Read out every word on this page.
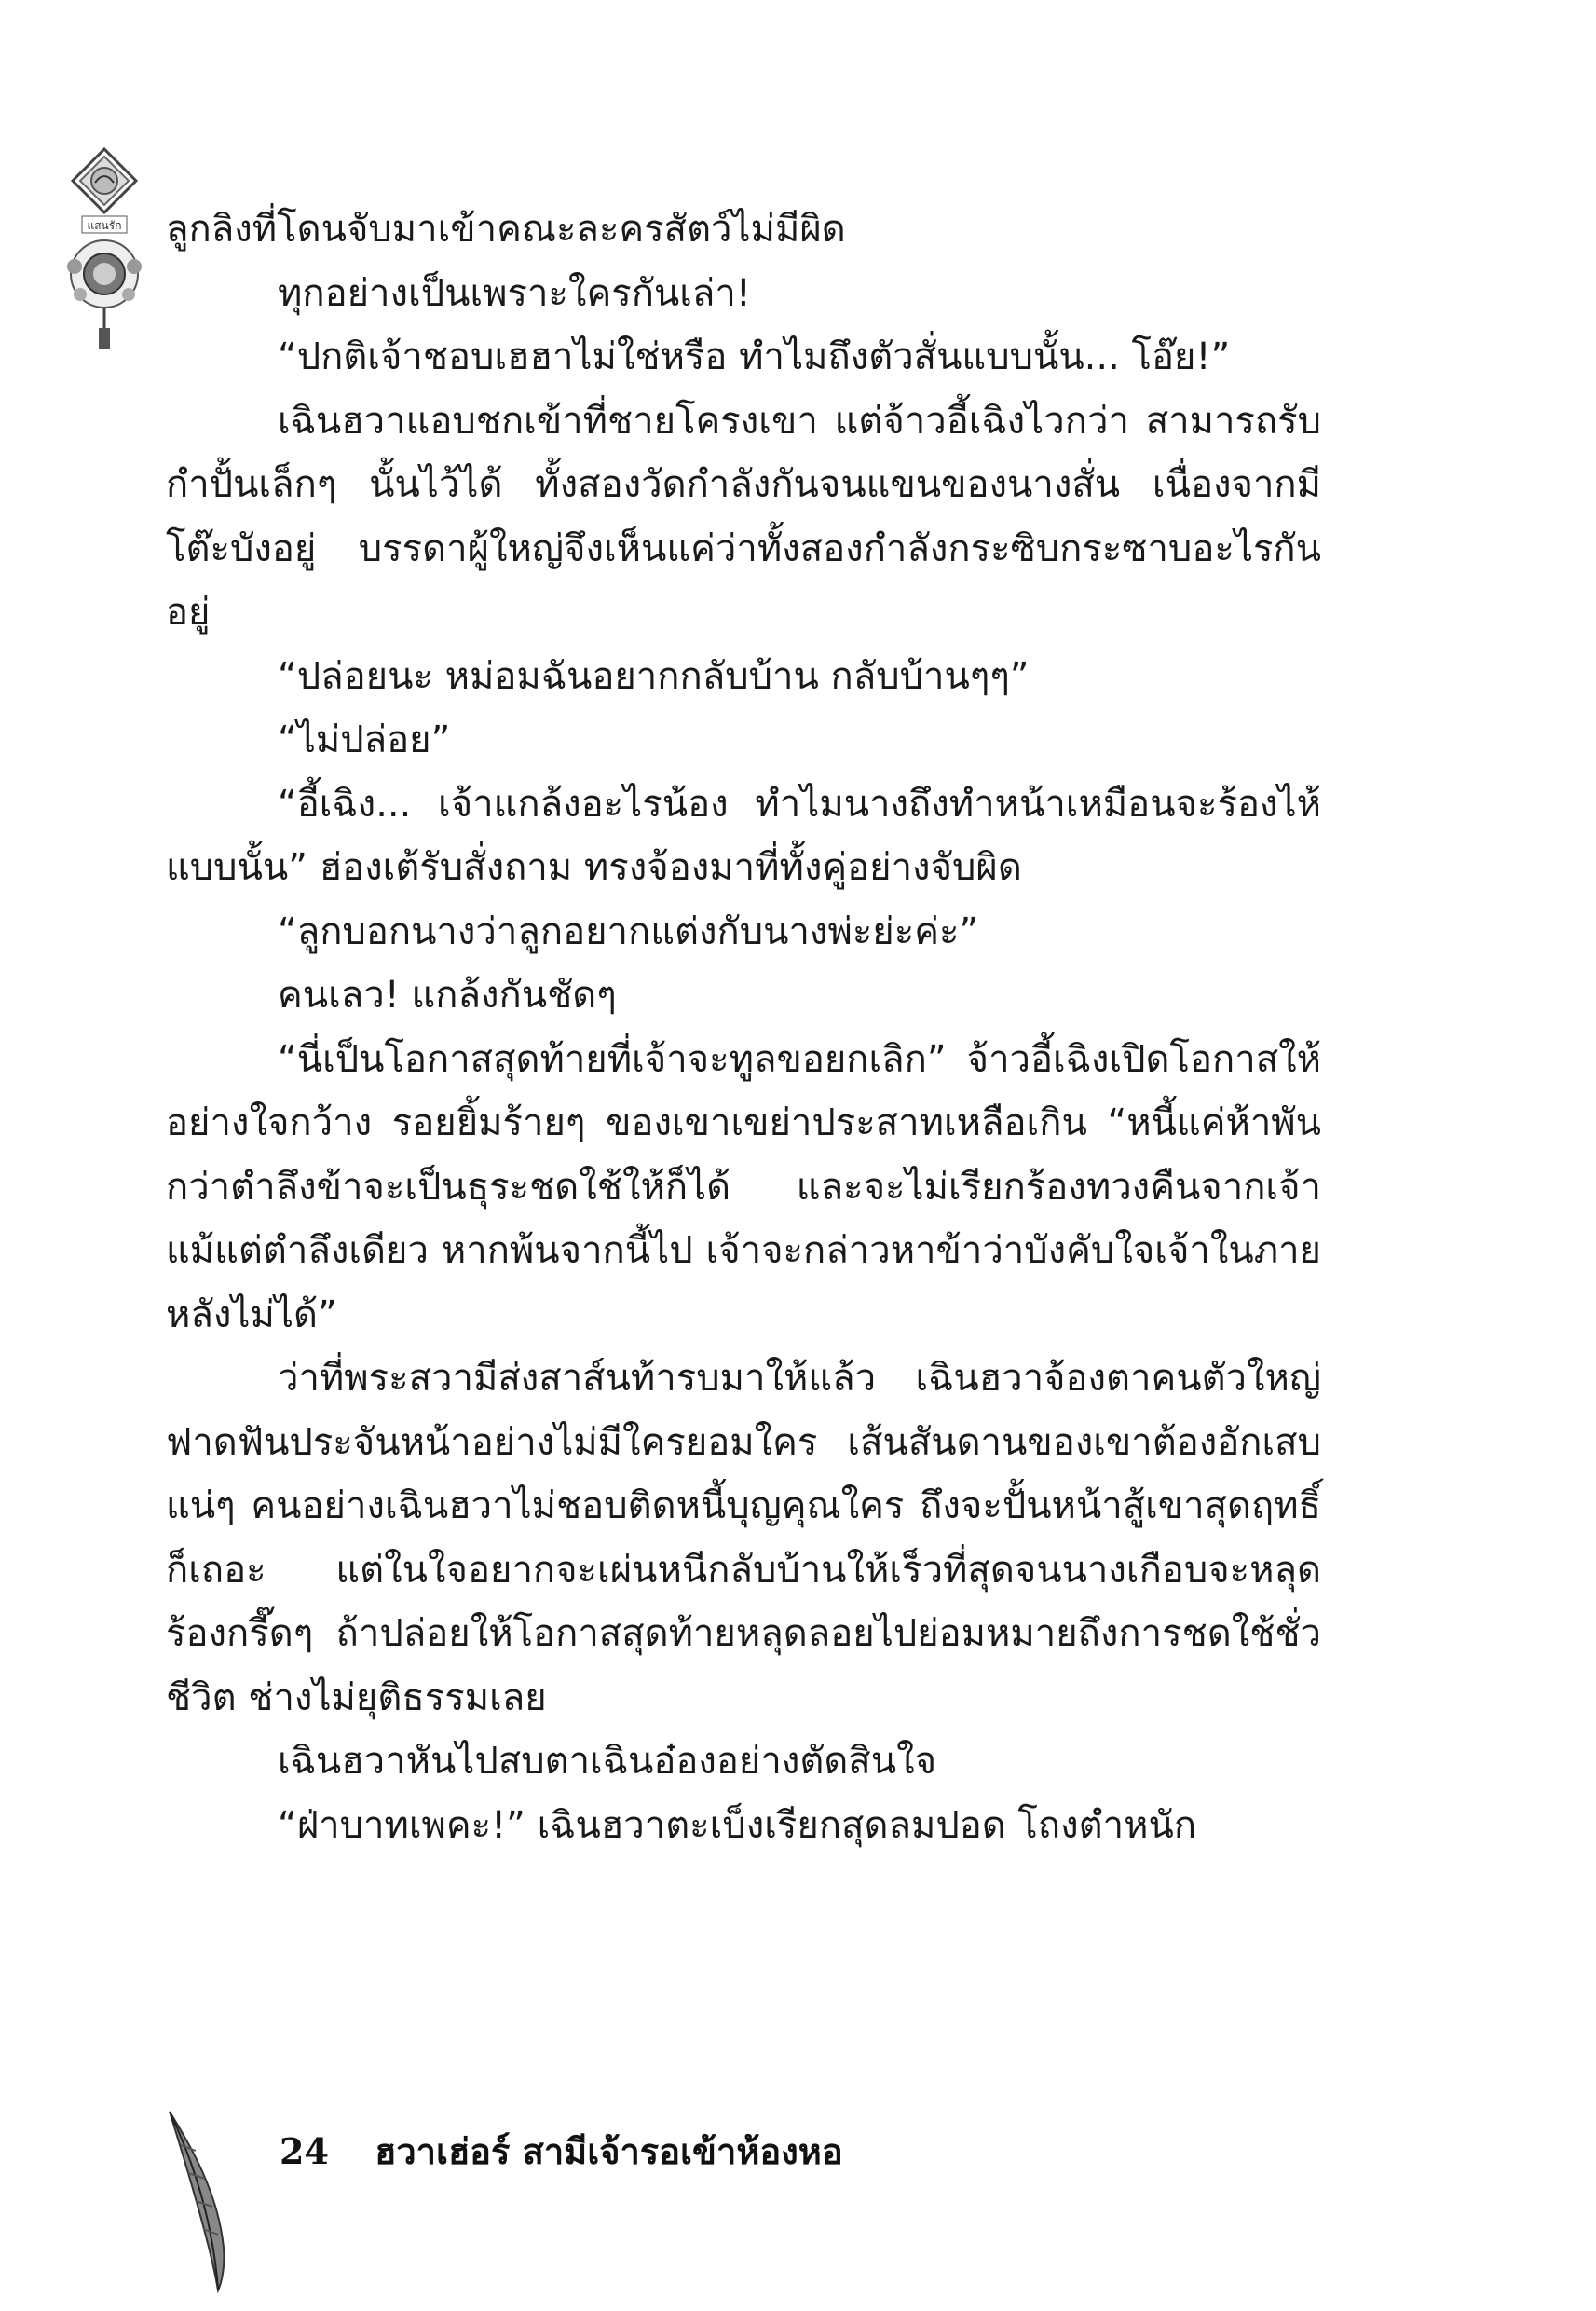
แสนรัก ลูกลิงที่โดนจับมาเข้าคณะละครสัตว์ไม่มีผิด

ทุกอย่างเป็นเพราะใครกันเล่า!

“ปกติเจ้าชอบเฮฮาไม่ใช่หรือ ทำไมถึงตัวสั่นแบบนั้น... โอ๊ย!”

เฉินฮวาแอบชกเข้าที่ชายโครงเขา แต่จ้าวอี้เฉิงไวกว่า สามารถรับกำปั้นเล็กๆ นั้นไว้ได้ ทั้งสองวัดกำลังกันจนแขนของนางสั่น เนื่องจากมีโต๊ะบังอยู่ บรรดาผู้ใหญ่จึงเห็นแค่ว่าทั้งสองกำลังกระซิบกระซาบอะไรกันอยู่

“ปล่อยนะ หม่อมฉันอยากกลับบ้าน กลับบ้านๆๆ”

“ไม่ปล่อย”

“อี้เฉิง... เจ้าแกล้งอะไรน้อง ทำไมนางถึงทำหน้าเหมือนจะร้องไห้แบบนั้น” ฮ่องเต้รับสั่งถาม ทรงจ้องมาที่ทั้งคู่อย่างจับผิด

“ลูกบอกนางว่าลูกอยากแต่งกับนางพ่ะย่ะค่ะ”

คนเลว! แกล้งกันชัดๆ

“นี่เป็นโอกาสสุดท้ายที่เจ้าจะทูลขอยกเลิก” จ้าวอี้เฉิงเปิดโอกาสให้อย่างใจกว้าง รอยยิ้มร้ายๆ ของเขาเขย่าประสาทเหลือเกิน “หนี้แค่ห้าพันกว่าตำลึงข้าจะเป็นธุระชดใช้ให้ก็ได้ และจะไม่เรียกร้องทวงคืนจากเจ้าแม้แต่ตำลึงเดียว หากพ้นจากนี้ไป เจ้าจะกล่าวหาข้าว่าบังคับใจเจ้าในภายหลังไม่ได้”

ว่าที่พระสวามีส่งสาส์นท้ารบมาให้แล้ว เฉินฮวาจ้องตาคนตัวใหญ่ฟาดฟันประจันหน้าอย่างไม่มีใครยอมใคร เส้นสันดานของเขาต้องอักเสบแน่ๆ คนอย่างเฉินฮวาไม่ชอบติดหนี้บุญคุณใคร ถึงจะปั้นหน้าสู้เขาสุดฤทธิ์ก็เถอะ แต่ในใจอยากจะเผ่นหนีกลับบ้านให้เร็วที่สุดจนนางเกือบจะหลุดร้องกรี๊ดๆ ถ้าปล่อยให้โอกาสสุดท้ายหลุดลอยไปย่อมหมายถึงการชดใช้ชั่วชีวิต ช่างไม่ยุติธรรมเลย

เฉินฮวาหันไปสบตาเฉินอ๋องอย่างตัดสินใจ

“ฝ่าบาทเพคะ!” เฉินฮวาตะเบ็งเรียกสุดลมปอด โถงตำหนัก

24 ฮวาเฮ่อร์ สามีเจ้ารอเข้าห้องหอ
